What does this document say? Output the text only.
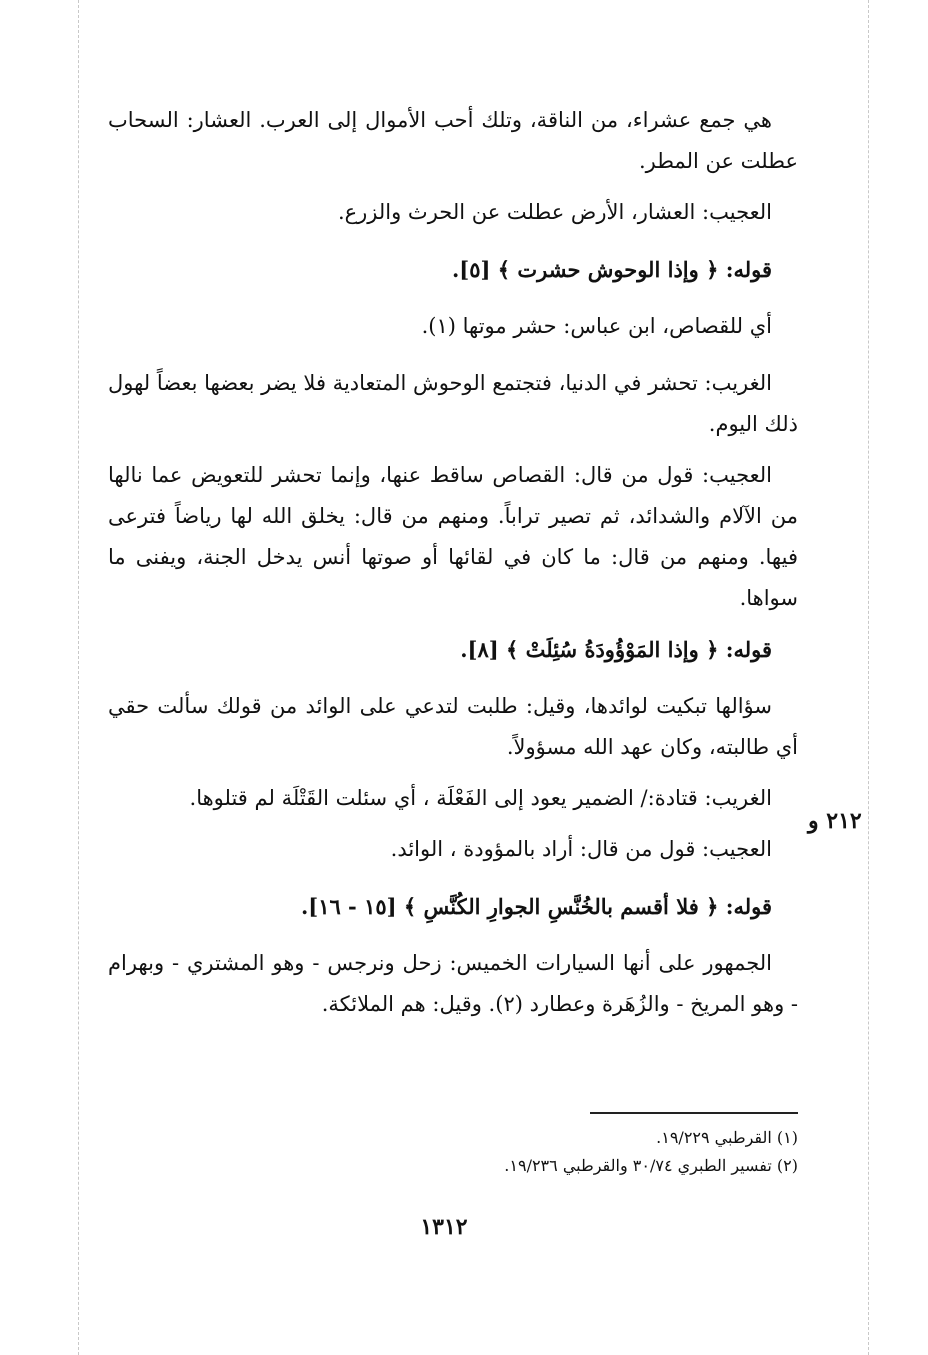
هي جمع عشراء، من الناقة، وتلك أحب الأموال إلى العرب. العشار: السحاب عطلت عن المطر.

العجيب: العشار، الأرض عطلت عن الحرث والزرع.

قوله: ﴿ وإذا الوحوش حشرت ﴾ [٥].

أي للقصاص، ابن عباس: حشر موتها (١).

الغريب: تحشر في الدنيا، فتجتمع الوحوش المتعادية فلا يضر بعضها بعضاً لهول ذلك اليوم.

العجيب: قول من قال: القصاص ساقط عنها، وإنما تحشر للتعويض عما نالها من الآلام والشدائد، ثم تصير تراباً. ومنهم من قال: يخلق الله لها رياضاً فترعى فيها. ومنهم من قال: ما كان في لقائها أو صوتها أنس يدخل الجنة، ويفنى ما سواها.

قوله: ﴿ وإذا المَوْؤُودَةُ سُئِلَتْ ﴾ [٨].

سؤالها تبكيت لوائدها، وقيل: طلبت لتدعي على الوائد من قولك سألت حقي أي طالبته، وكان عهد الله مسؤولاً.

الغريب: قتادة:/ الضمير يعود إلى الفَعْلَة ، أي سئلت القَتْلَة لم قتلوها.

العجيب: قول من قال: أراد بالمؤودة ، الوائد.

قوله: ﴿ فلا أقسم بالخُنَّسِ الجوارِ الكُنَّسِ ﴾ [١٥ - ١٦].

الجمهور على أنها السيارات الخميس: زحل ونرجس - وهو المشتري - وبهرام - وهو المريخ - والزُهَرة وعطارد (٢). وقيل: هم الملائكة.

٢١٢ و

(١) القرطبي ١٩/٢٢٩.

(٢) تفسير الطبري ٣٠/٧٤ والقرطبي ١٩/٢٣٦.

١٣١٢
